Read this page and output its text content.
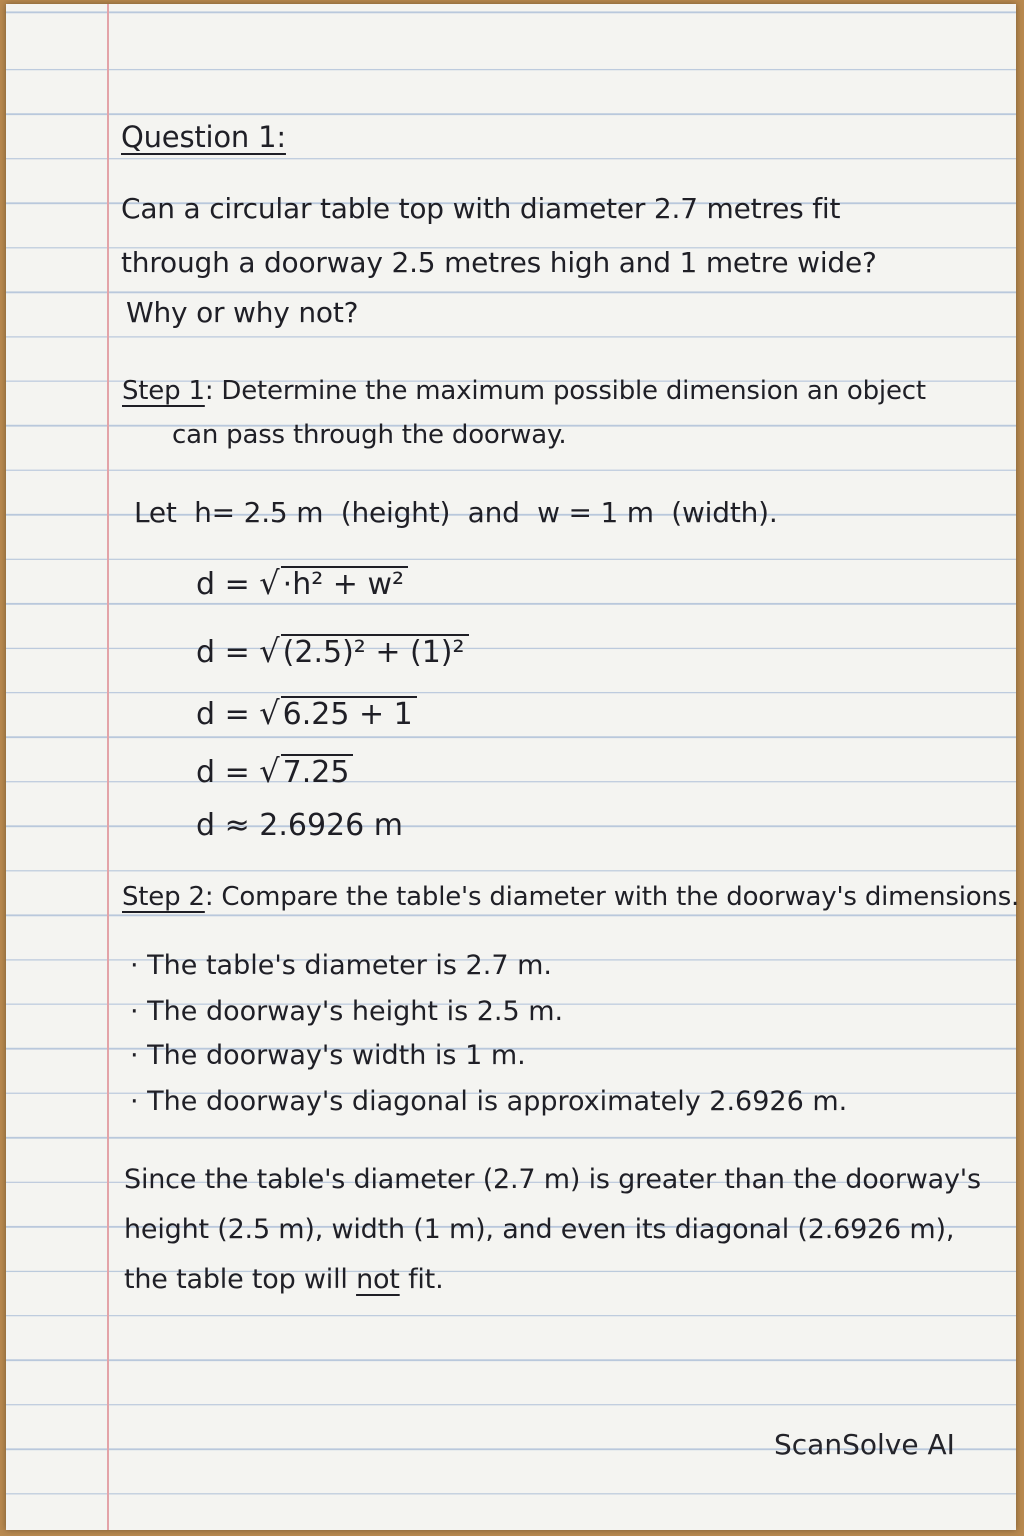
Question 1:
Can a circular table top with diameter 2.7 metres fit
through a doorway 2.5 metres high and 1 metre wide?
Why or why not?
Step 1: Determine the maximum possible dimension an object
can pass through the doorway.
Let  h= 2.5 m  (height)  and  w = 1 m  (width).
d = √ ·h² + w²
d = √ (2.5)² + (1)²
d = √ 6.25 + 1
d = √ 7.25
d ≈ 2.6926 m
Step 2: Compare the table's diameter with the doorway's dimensions.
· The table's diameter is 2.7 m.
· The doorway's height is 2.5 m.
· The doorway's width is 1 m.
· The doorway's diagonal is approximately 2.6926 m.
Since the table's diameter (2.7 m) is greater than the doorway's
height (2.5 m), width (1 m), and even its diagonal (2.6926 m),
the table top will not fit.
ScanSolve AI
